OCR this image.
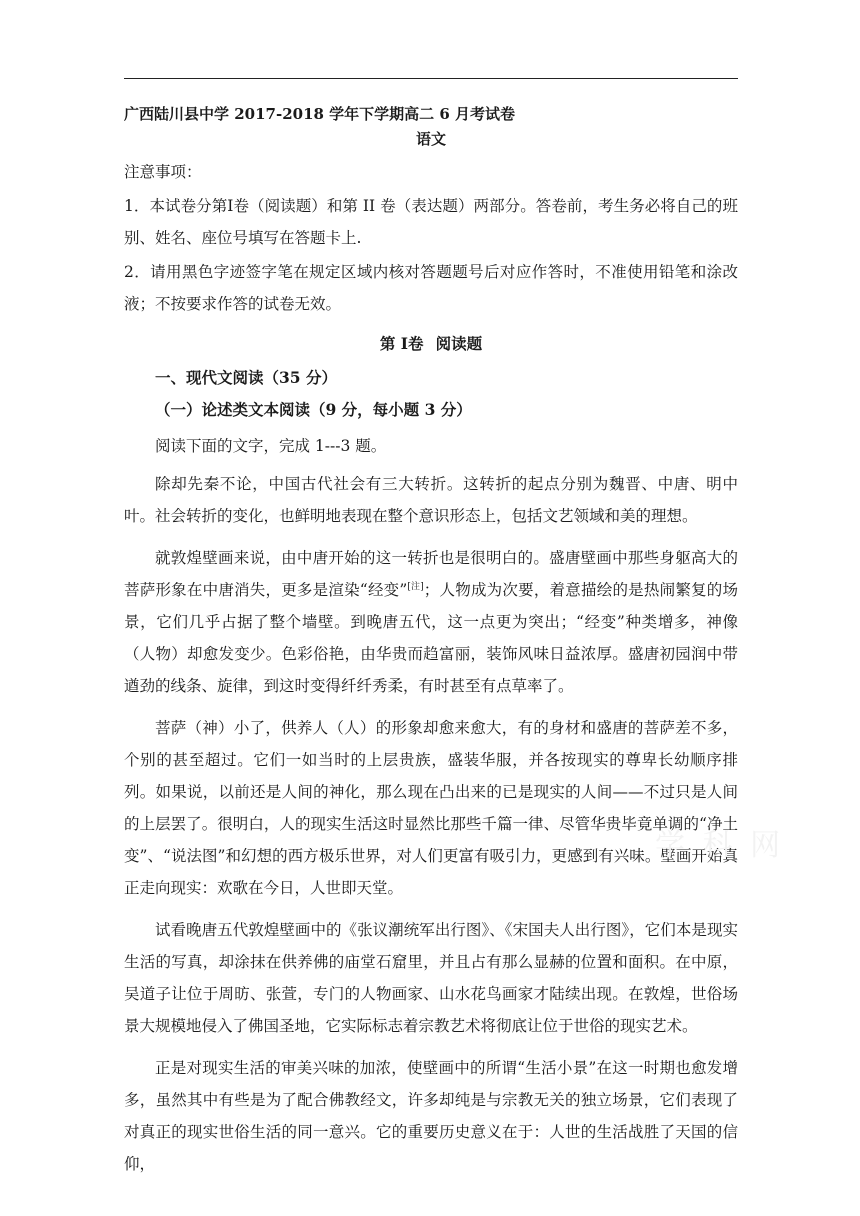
广西陆川县中学 2017-2018 学年下学期高二 6 月考试卷

语文

注意事项：

1．本试卷分第Ⅰ卷（阅读题）和第 II 卷（表达题）两部分。答卷前，考生务必将自己的班别、姓名、座位号填写在答题卡上.

2．请用黑色字迹签字笔在规定区域内核对答题题号后对应作答时，不准使用铅笔和涂改液；不按要求作答的试卷无效。

第 Ⅰ卷 阅读题

一、现代文阅读（35 分）

（一）论述类文本阅读（9 分，每小题 3 分）

阅读下面的文字，完成 1---3 题。

除却先秦不论，中国古代社会有三大转折。这转折的起点分别为魏晋、中唐、明中叶。社会转折的变化，也鲜明地表现在整个意识形态上，包括文艺领域和美的理想。

就敦煌壁画来说，由中唐开始的这一转折也是很明白的。盛唐壁画中那些身躯高大的菩萨形象在中唐消失，更多是渲染“经变”[注]；人物成为次要，着意描绘的是热闹繁复的场景，它们几乎占据了整个墙壁。到晚唐五代，这一点更为突出；“经变”种类增多，神像（人物）却愈发变少。色彩俗艳，由华贵而趋富丽，装饰风味日益浓厚。盛唐初园润中带遒劲的线条、旋律，到这时变得纤纤秀柔，有时甚至有点草率了。

菩萨（神）小了，供养人（人）的形象却愈来愈大，有的身材和盛唐的菩萨差不多，个别的甚至超过。它们一如当时的上层贵族，盛装华服，并各按现实的尊卑长幼顺序排列。如果说，以前还是人间的神化，那么现在凸出来的已是现实的人间——不过只是人间的上层罢了。很明白，人的现实生活这时显然比那些千篇一律、尽管华贵毕竟单调的“净土变”、“说法图”和幻想的西方极乐世界，对人们更富有吸引力，更感到有兴味。壁画开始真正走向现实：欢歌在今日，人世即天堂。

试看晚唐五代敦煌壁画中的《张议潮统军出行图》、《宋国夫人出行图》，它们本是现实生活的写真，却涂抹在供养佛的庙堂石窟里，并且占有那么显赫的位置和面积。在中原，吴道子让位于周昉、张萱，专门的人物画家、山水花鸟画家才陆续出现。在敦煌，世俗场景大规模地侵入了佛国圣地，它实际标志着宗教艺术将彻底让位于世俗的现实艺术。

正是对现实生活的审美兴味的加浓，使壁画中的所谓“生活小景”在这一时期也愈发增多，虽然其中有些是为了配合佛教经文，许多却纯是与宗教无关的独立场景，它们表现了对真正的现实世俗生活的同一意兴。它的重要历史意义在于：人世的生活战胜了天国的信仰，

学 科 网
